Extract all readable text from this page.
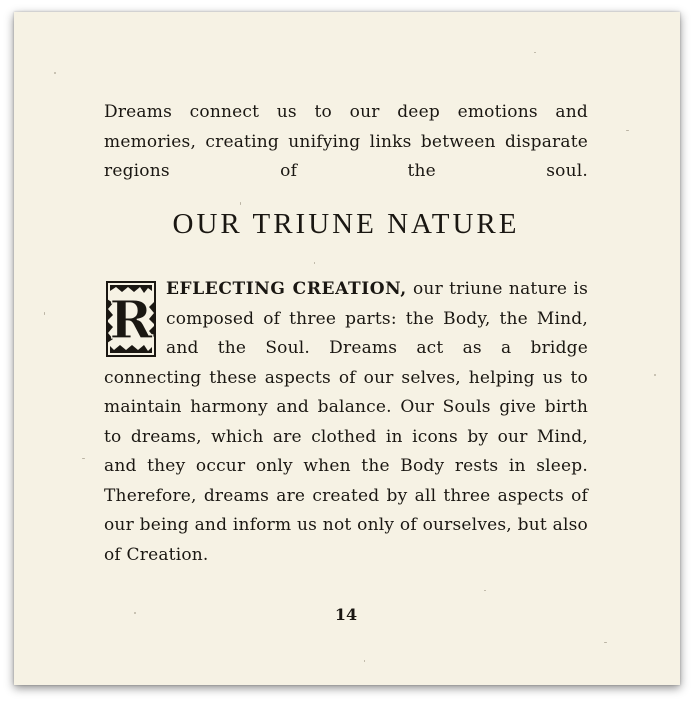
Dreams connect us to our deep emotions and memories, creating unifying links between disparate regions of the soul.

OUR TRIUNE NATURE

R
EFLECTING CREATION, our triune nature is composed of three parts: the Body, the Mind, and the Soul. Dreams act as a bridge connecting these aspects of our selves, helping us to maintain harmony and balance. Our Souls give birth to dreams, which are clothed in icons by our Mind, and they occur only when the Body rests in sleep. Therefore, dreams are created by all three aspects of our being and inform us not only of ourselves, but also of Creation.

14
